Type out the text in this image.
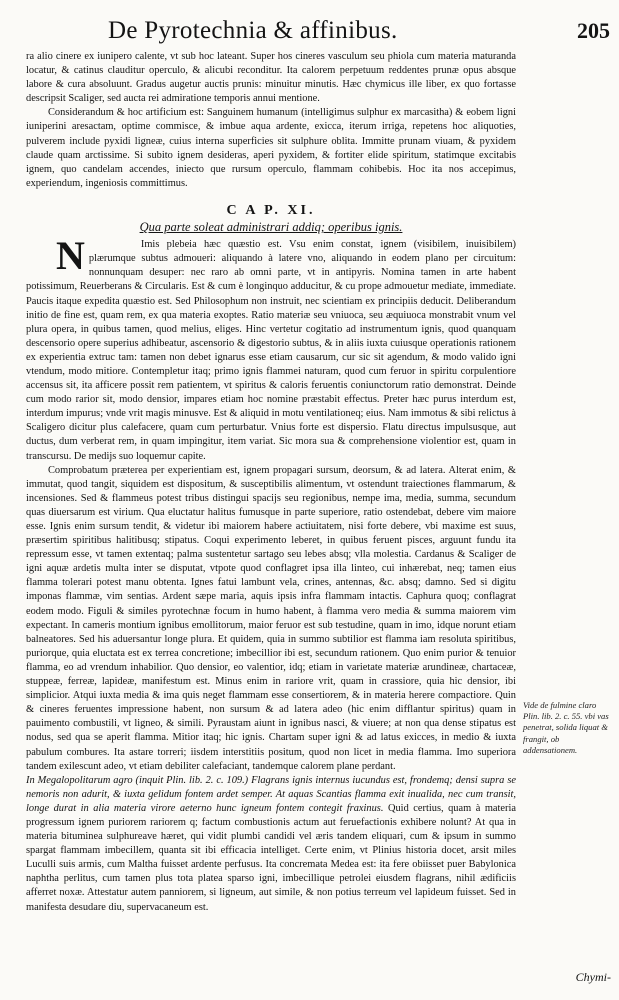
De Pyrotechnia & affinibus.	205

ra alio cinere ex iunipero calente, vt sub hoc lateant. Super hos cineres vasculum seu phiola cum materia maturanda locatur, & catinus clauditur operculo, & alicubi reconditur. Ita calorem perpetuum reddentes prunæ opus absque labore & cura absoluunt. Gradus augetur auctis prunis: minuitur minutis. Hæc chymicus ille liber, ex quo fortasse descripsit Scaliger, sed aucta rei admiratione temporis annui mentione.

Considerandum & hoc artificium est: Sanguinem humanum (intelligimus sulphur ex marcasitha) & eobem ligni iuniperini aresactam, optime commisce, & imbue aqua ardente, exicca, iterum irriga, repetens hoc aliquoties, pulverem include pyxidi ligneæ, cuius interna superficies sit sulphure oblita. Immitte prunam viuam, & pyxidem claude quam arctissime. Si subito ignem desideras, aperi pyxidem, & fortiter elide spiritum, statimque excitabis ignem, quo candelam accendes, iniecto que rursum operculo, flammam cohibebis. Hoc ita nos accepimus, experiendum, ingeniosis committimus.

C A P. XI.
Qua parte soleat administrari addiq; operibus ignis.

N	Imis plebeia hæc quæstio est. Vsu enim constat, ignem (visibilem, inuisibilem) plærumque subtus admoueri: aliquando à latere vno, aliquando in eodem plano per circuitum: nonnunquam desuper: nec raro ab omni parte, vt in antipyris. Nomina tamen in arte habent potissimum, Reuerberans & Circularis. Est & cum è longinquo adducitur, & cu prope admouetur mediate, immediate. Paucis itaque expedita quæstio est. Sed Philosophum non instruit, nec scientiam ex principiis deducit. Deliberandum initio de fine est, quam rem, ex qua materia exoptes. Ratio materiæ seu vniuoca, seu æquiuoca monstrabit vnum vel plura opera, in quibus tamen, quod melius, eliges. Hinc vertetur cogitatio ad instrumentum ignis, quod quanquam descensorio opere superius adhibeatur, ascensorio & digestorio subtus, & in aliis iuxta cuiusque operationis rationem ex experientia extruc tam: tamen non debet ignarus esse etiam causarum, cur sic sit agendum, & modo valido igni vtendum, modo mitiore. Contempletur itaq; primo ignis flammei naturam, quod cum feruor in spiritu corpulentiore accensus sit, ita afficere possit rem patientem, vt spiritus & caloris feruentis coniunctorum ratio demonstrat. Deinde cum modo rarior sit, modo densior, impares etiam hoc nomine præstabit effectus. Preter hæc purus interdum est, interdum impurus; vnde vrit magis minusve. Est & aliquid in motu ventilationeq; eius. Nam immotus & sibi relictus à Scaligero dicitur plus calefacere, quam cum perturbatur. Vnius forte est dispersio. Flatu directus impulsusque, aut ductus, dum verberat rem, in quam impingitur, item variat. Sic mora sua & comprehensione violentior est, quam in transcursu. De medijs suo loquemur capite.

Comprobatum præterea per experientiam est, ignem propagari sursum, deorsum, & ad latera. Alterat enim, & immutat, quod tangit, siquidem est dispositum, & susceptibilis alimentum, vt ostendunt traiectiones flammarum, & incensiones. Sed & flammeus potest tribus distingui spacijs seu regionibus, nempe ima, media, summa, secundum quas diuersarum est virium. Qua eluctatur halitus fumusque in parte superiore, ratio ostendebat, debere vim maiore esse. Ignis enim sursum tendit, & videtur ibi maiorem habere actiuitatem, nisi forte debere, vbi maxime est suus, præsertim spiritibus halitibusq; stipatus. Coqui experimento leberet, in quibus feruent pisces, arguunt fundu ita repressum esse, vt tamen extentaq; palma sustentetur sartago seu lebes absq; vlla molestia. Cardanus & Scaliger de igni aquæ ardetis multa inter se disputat, vtpote quod conflagret ipsa illa linteo, cui inhærebat, neq; tamen eius flamma tolerari potest manu obtenta. Ignes fatui lambunt vela, crines, antennas, &c. absq; damno. Sed si digitu imponas flammæ, vim sentias. Ardent sæpe maria, aquis ipsis infra flammam intactis. Caphura quoq; conflagrat eodem modo. Figuli & similes pyrotechnæ focum in humo habent, à flamma vero media & summa maiorem vim expectant. In cameris montium ignibus emollitorum, maior feruor est sub testudine, quam in imo, idque norunt etiam balneatores. Sed his aduersantur longe plura. Et quidem, quia in summo subtilior est flamma iam resoluta spiritibus, puriorque, quia eluctata est ex terrea concretione; imbecillior ibi est, secundum rationem. Quo enim purior & tenuior flamma, eo ad vrendum inhabilior. Quo densior, eo valentior, idq; etiam in varietate materiæ arundineæ, chartaceæ, stuppeæ, ferreæ, lapideæ, manifestum est. Minus enim in rariore vrit, quam in crassiore, quia hic densior, ibi simplicior. Atqui iuxta media & ima quis neget flammam esse consertiorem, & in materia herere compactiore. Quin & cineres feruentes impressione habent, non sursum & ad latera adeo (hic enim difflantur spiritus) quam in pauimento combustili, vt ligneo, & simili. Pyraustam aiunt in ignibus nasci, & viuere; at non qua dense stipatus est nodus, sed qua se aperit flamma. Mitior itaq; hic ignis. Chartam super igni & ad latus exicces, in medio & iuxta pabulum combures. Ita astare torreri; iisdem interstitiis positum, quod non licet in media flamma. Imo superiora tandem exilescunt adeo, vt etiam debiliter calefaciant, tandemque calorem plane perdant.

In Megalopolitarum agro (inquit Plin. lib. 2. c. 109.) Flagrans ignis internus iucundus est, frondemq; densi supra se nemoris non adurit, & iuxta gelidum fontem ardet semper. At aquas Scantias flamma exit inualida, nec cum transit, longe durat in alia materia virore aeterno hunc igneum fontem contegit fraxinus. Quid certius, quam à materia progressum ignem puriorem rariorem q; factum combustionis actum aut feruefactionis exhibere nolunt? At qua in materia bituminea sulphureave hæret, qui vidit plumbi candidi vel æris tandem eliquari, cum & ipsum in summo spargat flammam imbecillem, quanta sit ibi efficacia intelliget. Certe enim, vt Plinius historia docet, arsit miles Luculli suis armis, cum Maltha fuisset ardente perfusus. Ita concremata Medea est: ita fere obiisset puer Babylonica naphtha perlitus, cum tamen plus tota platea sparso igni, imbecillique petrolei eiusdem flagrans, nihil ædificiis afferret noxæ. Attestatur autem panniorem, si ligneum, aut simile, & non potius terreum vel lapideum fuisset. Sed in manifesta desudare diu, supervacaneum est.

Vide de fulmine claro Plin. lib. 2. c. 55. vbi vas penetrat, solida liquat & frangit, ob addensationem.
Chymi-
